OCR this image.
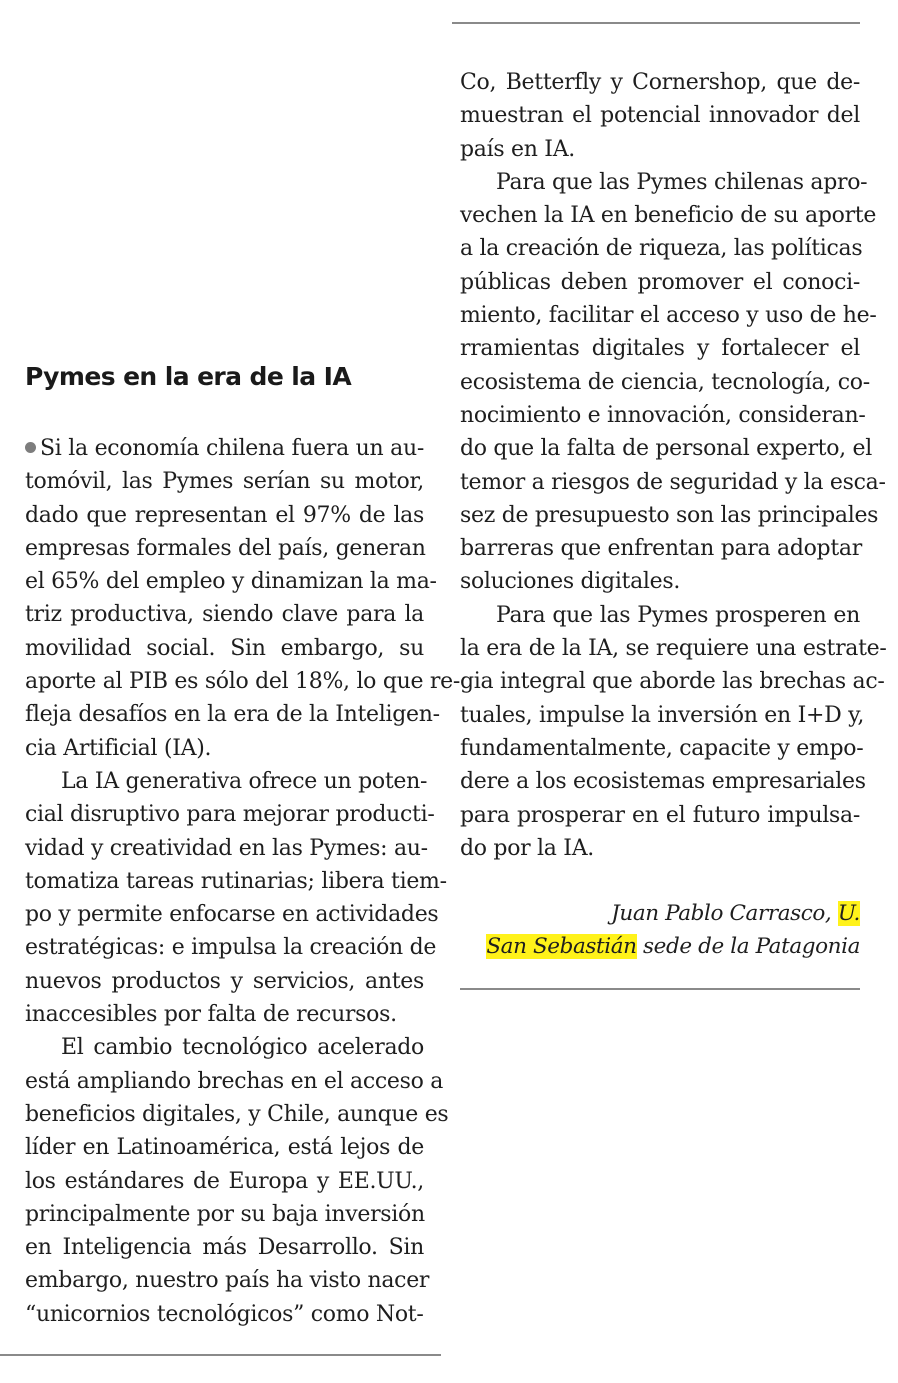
Pymes en la era de la IA
Si la economía chilena fuera un au-
tomóvil, las Pymes serían su motor,
dado que representan el 97% de las
empresas formales del país, generan
el 65% del empleo y dinamizan la ma-
triz productiva, siendo clave para la
movilidad social. Sin embargo, su
aporte al PIB es sólo del 18%, lo que re-
fleja desafíos en la era de la Inteligen-
cia Artificial (IA).
La IA generativa ofrece un poten-
cial disruptivo para mejorar producti-
vidad y creatividad en las Pymes: au-
tomatiza tareas rutinarias; libera tiem-
po y permite enfocarse en actividades
estratégicas: e impulsa la creación de
nuevos productos y servicios, antes
inaccesibles por falta de recursos.
El cambio tecnológico acelerado
está ampliando brechas en el acceso a
beneficios digitales, y Chile, aunque es
líder en Latinoamérica, está lejos de
los estándares de Europa y EE.UU.,
principalmente por su baja inversión
en Inteligencia más Desarrollo. Sin
embargo, nuestro país ha visto nacer
“unicornios tecnológicos” como Not-
Co, Betterfly y Cornershop, que de-
muestran el potencial innovador del
país en IA.
Para que las Pymes chilenas apro-
vechen la IA en beneficio de su aporte
a la creación de riqueza, las políticas
públicas deben promover el conoci-
miento, facilitar el acceso y uso de he-
rramientas digitales y fortalecer el
ecosistema de ciencia, tecnología, co-
nocimiento e innovación, consideran-
do que la falta de personal experto, el
temor a riesgos de seguridad y la esca-
sez de presupuesto son las principales
barreras que enfrentan para adoptar
soluciones digitales.
Para que las Pymes prosperen en
la era de la IA, se requiere una estrate-
gia integral que aborde las brechas ac-
tuales, impulse la inversión en I+D y,
fundamentalmente, capacite y empo-
dere a los ecosistemas empresariales
para prosperar en el futuro impulsa-
do por la IA.
Juan Pablo Carrasco, U.
San Sebastián sede de la Patagonia
